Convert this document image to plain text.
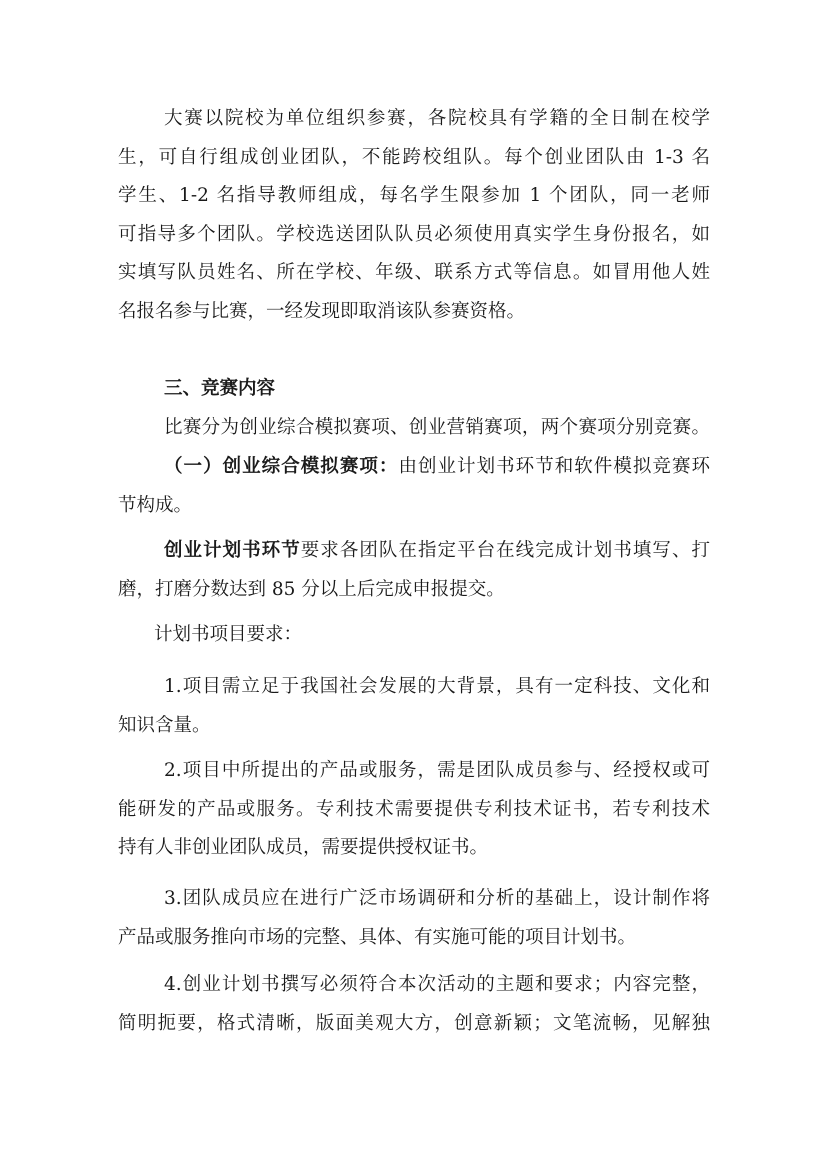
大赛以院校为单位组织参赛，各院校具有学籍的全日制在校学
生，可自行组成创业团队，不能跨校组队。每个创业团队由 1-3 名
学生、1-2 名指导教师组成，每名学生限参加 1 个团队，同一老师
可指导多个团队。学校选送团队队员必须使用真实学生身份报名，如
实填写队员姓名、所在学校、年级、联系方式等信息。如冒用他人姓
名报名参与比赛，一经发现即取消该队参赛资格。

三、竞赛内容

比赛分为创业综合模拟赛项、创业营销赛项，两个赛项分别竞赛。

（一）创业综合模拟赛项：由创业计划书环节和软件模拟竞赛环
节构成。

创业计划书环节要求各团队在指定平台在线完成计划书填写、打
磨，打磨分数达到 85 分以上后完成申报提交。

计划书项目要求：

1.项目需立足于我国社会发展的大背景，具有一定科技、文化和
知识含量。

2.项目中所提出的产品或服务，需是团队成员参与、经授权或可
能研发的产品或服务。专利技术需要提供专利技术证书，若专利技术
持有人非创业团队成员，需要提供授权证书。

3.团队成员应在进行广泛市场调研和分析的基础上，设计制作将
产品或服务推向市场的完整、具体、有实施可能的项目计划书。

4.创业计划书撰写必须符合本次活动的主题和要求；内容完整，
简明扼要，格式清晰，版面美观大方，创意新颖；文笔流畅，见解独
